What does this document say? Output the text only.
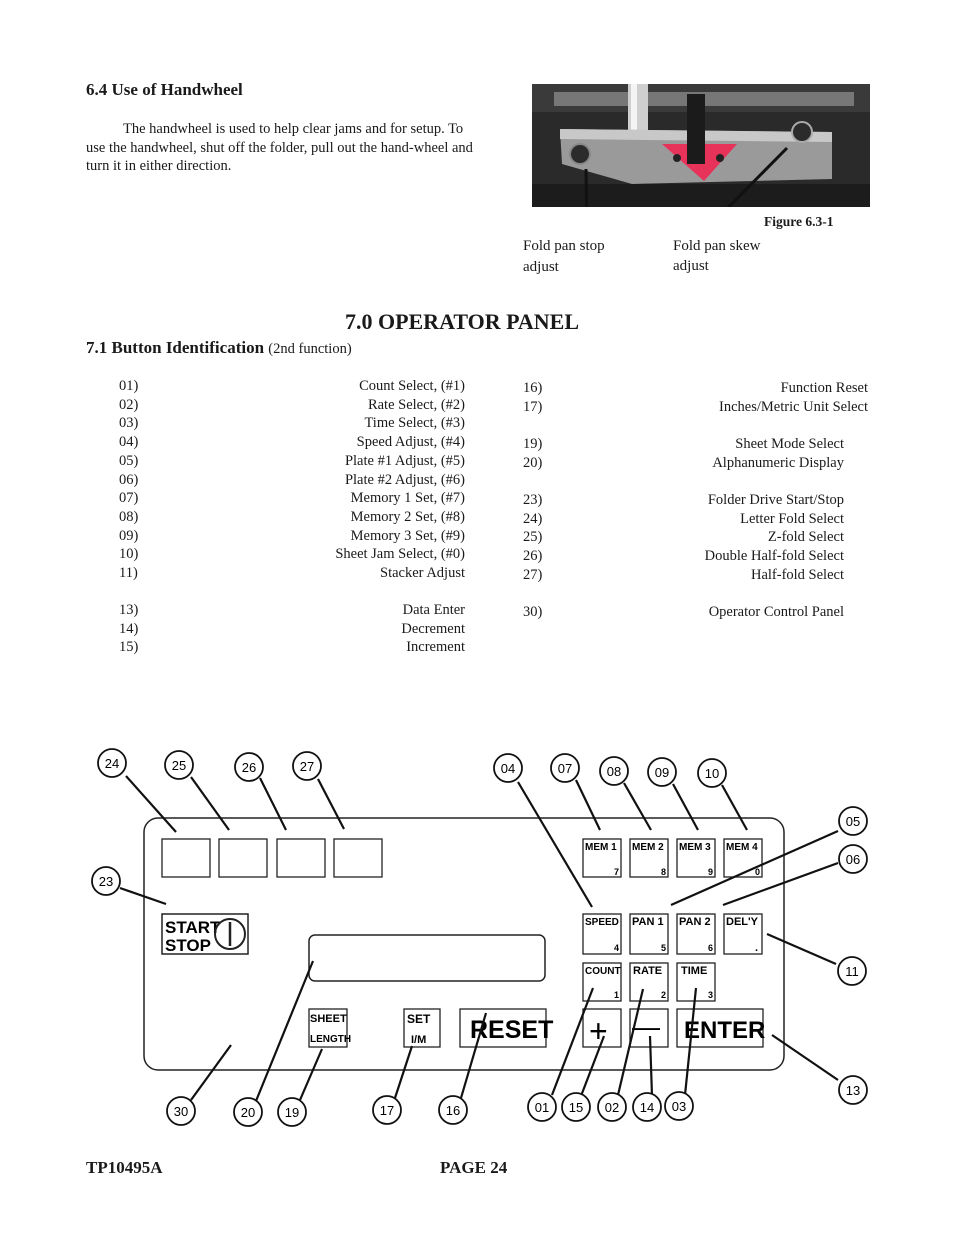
6.4 Use of Handwheel
The handwheel is used to help clear jams and for setup. To use the handwheel, shut off the folder, pull out the hand-wheel and turn it in either direction.
Figure 6.3-1
Fold pan stop adjust
Fold pan skew adjust
7.0 OPERATOR PANEL
7.1 Button Identification (2nd function)
01)	Count Select, (#1)
02)	Rate Select, (#2)
03)	Time Select, (#3)
04)	Speed Adjust, (#4)
05)	Plate #1 Adjust, (#5)
06)	Plate #2 Adjust, (#6)
07)	Memory 1 Set, (#7)
08)	Memory 2 Set, (#8)
09)	Memory 3 Set, (#9)
10)	Sheet Jam Select, (#0)
11)	Stacker Adjust
13)	Data Enter
14)	Decrement
15)	Increment
16)	Function Reset
17)	Inches/Metric Unit Select
19)	Sheet Mode Select
20)	Alphanumeric Display
23)	Folder Drive Start/Stop
24)	Letter Fold Select
25)	Z-fold Select
26)	Double Half-fold Select
27)	Half-fold Select
30)	Operator Control Panel
START
STOP
MEM 1
7
MEM 2
8
MEM 3
9
MEM 4
0
SPEED
4
PAN 1
5
PAN 2
6
DEL'Y
.
COUNT
1
RATE
2
TIME
3
SHEET
LENGTH
SET
I/M RESET + — ENTER
24	25	26	27	04	07	08	09	10
05
06
23
11
13
30	20 19	17	16	01 15 02 14 03
TP10495A	PAGE 24
